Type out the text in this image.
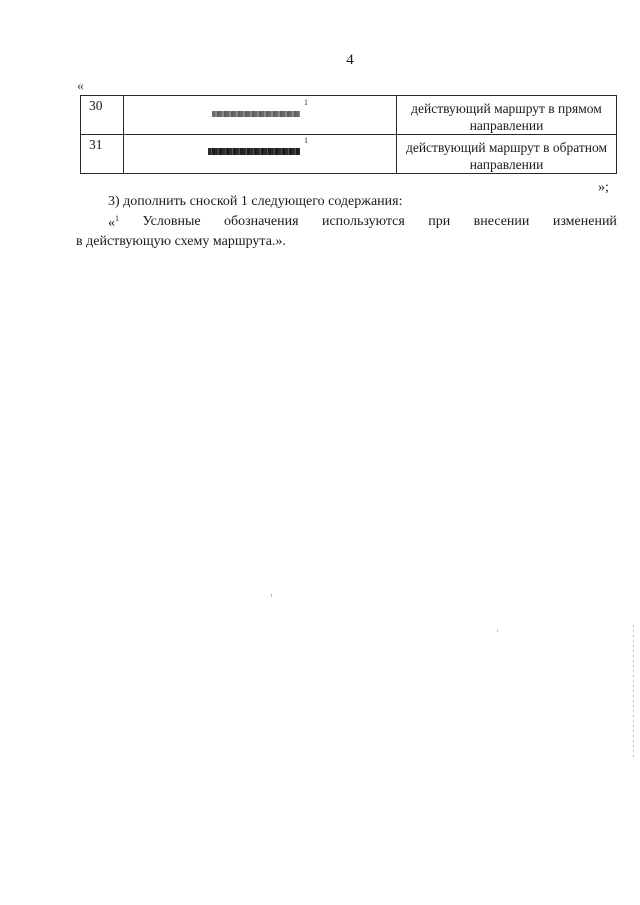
4
«
30	1	действующий маршрут в прямом направлении
31	1	действующий маршрут в обратном направлении
»;
3) дополнить сноской 1 следующего содержания:
«$^1$ Условные обозначения используются при внесении изменений
в действующую схему маршрута.».
